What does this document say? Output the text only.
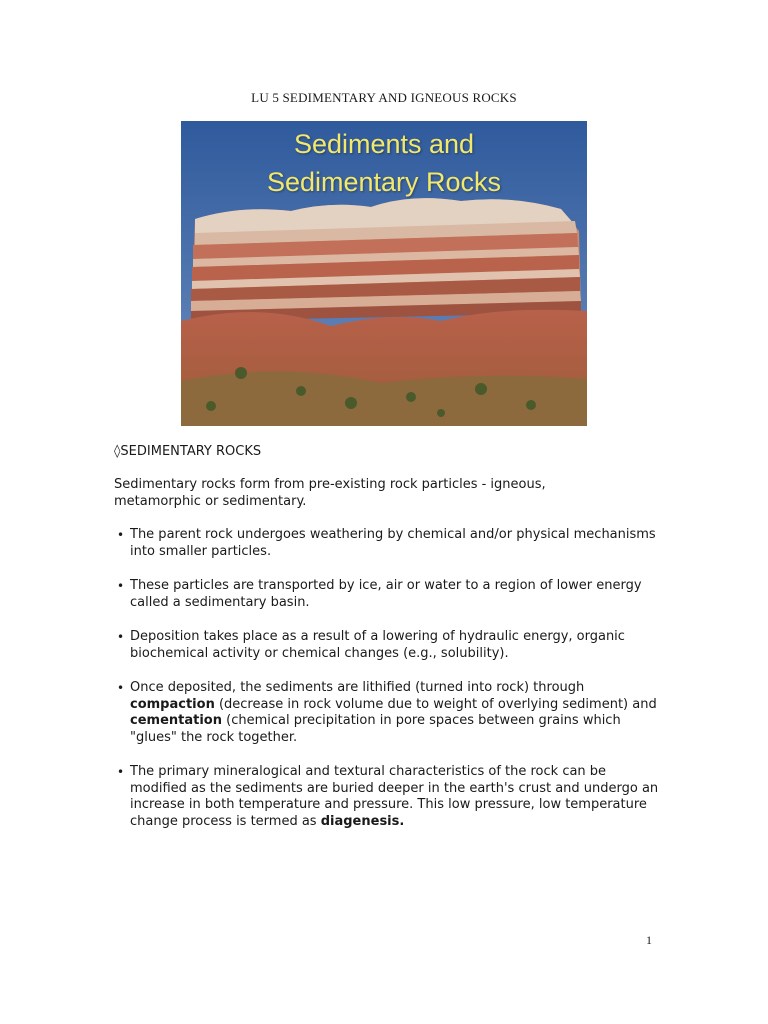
LU 5 SEDIMENTARY AND IGNEOUS ROCKS
Sediments and
Sedimentary Rocks
◊SEDIMENTARY ROCKS

Sedimentary rocks form from pre-existing rock particles - igneous, metamorphic or sedimentary.

• The parent rock undergoes weathering by chemical and/or physical mechanisms into smaller particles.
• These particles are transported by ice, air or water to a region of lower energy called a sedimentary basin.
• Deposition takes place as a result of a lowering of hydraulic energy, organic biochemical activity or chemical changes (e.g., solubility).
• Once deposited, the sediments are lithified (turned into rock) through compaction (decrease in rock volume due to weight of overlying sediment) and cementation (chemical precipitation in pore spaces between grains which "glues" the rock together.
• The primary mineralogical and textural characteristics of the rock can be modified as the sediments are buried deeper in the earth's crust and undergo an increase in both temperature and pressure. This low pressure, low temperature change process is termed as diagenesis.
1
